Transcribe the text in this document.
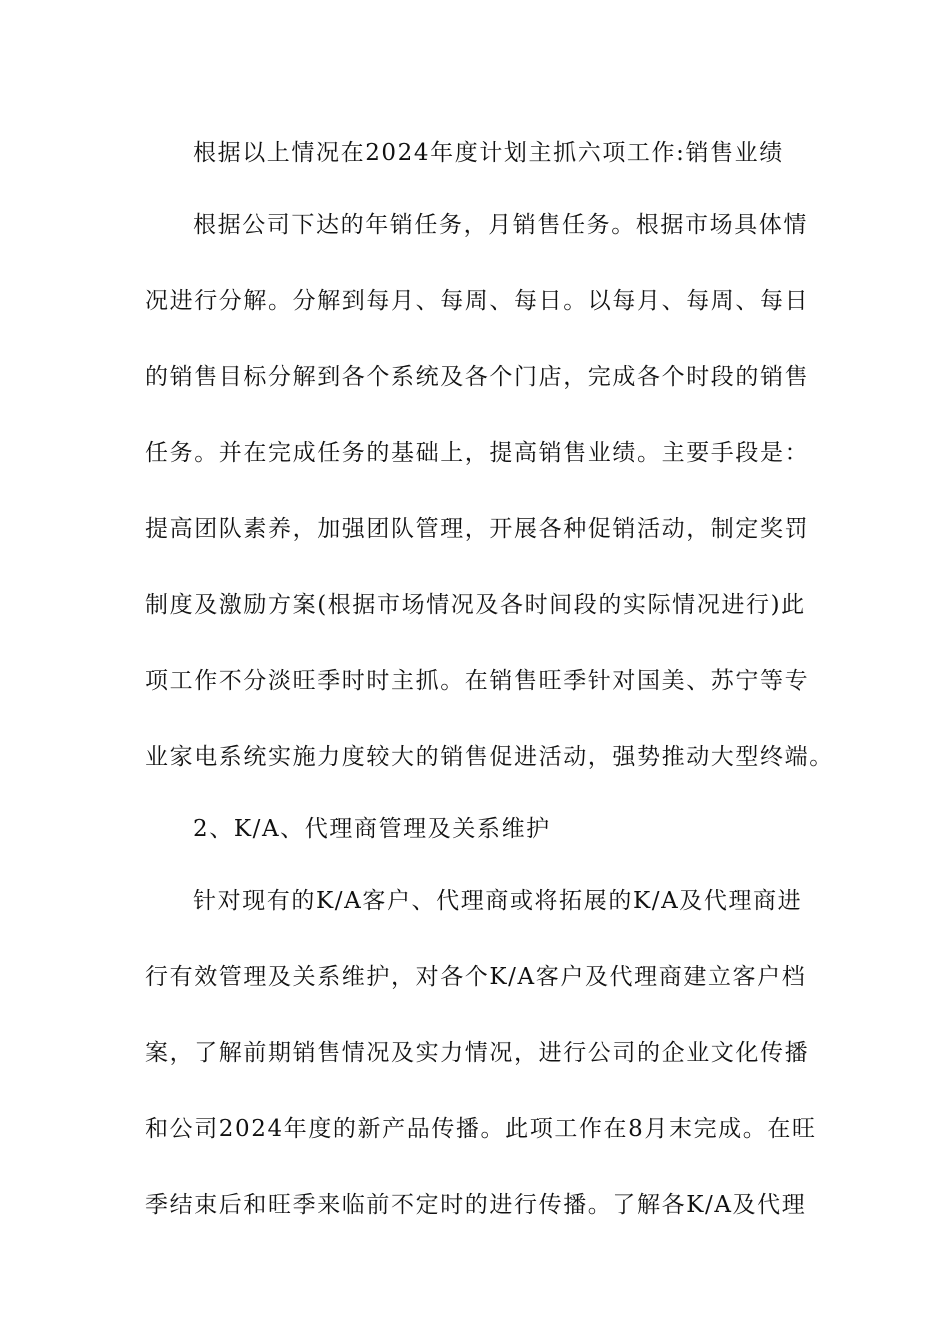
根据以上情况在2024年度计划主抓六项工作:销售业绩
根据公司下达的年销任务，月销售任务。根据市场具体情
况进行分解。分解到每月、每周、每日。以每月、每周、每日
的销售目标分解到各个系统及各个门店，完成各个时段的销售
任务。并在完成任务的基础上，提高销售业绩。主要手段是：
提高团队素养，加强团队管理，开展各种促销活动，制定奖罚
制度及激励方案(根据市场情况及各时间段的实际情况进行)此
项工作不分淡旺季时时主抓。在销售旺季针对国美、苏宁等专
业家电系统实施力度较大的销售促进活动，强势推动大型终端。
2、K/A、代理商管理及关系维护
针对现有的K/A客户、代理商或将拓展的K/A及代理商进
行有效管理及关系维护，对各个K/A客户及代理商建立客户档
案，了解前期销售情况及实力情况，进行公司的企业文化传播
和公司2024年度的新产品传播。此项工作在8月末完成。在旺
季结束后和旺季来临前不定时的进行传播。了解各K/A及代理
